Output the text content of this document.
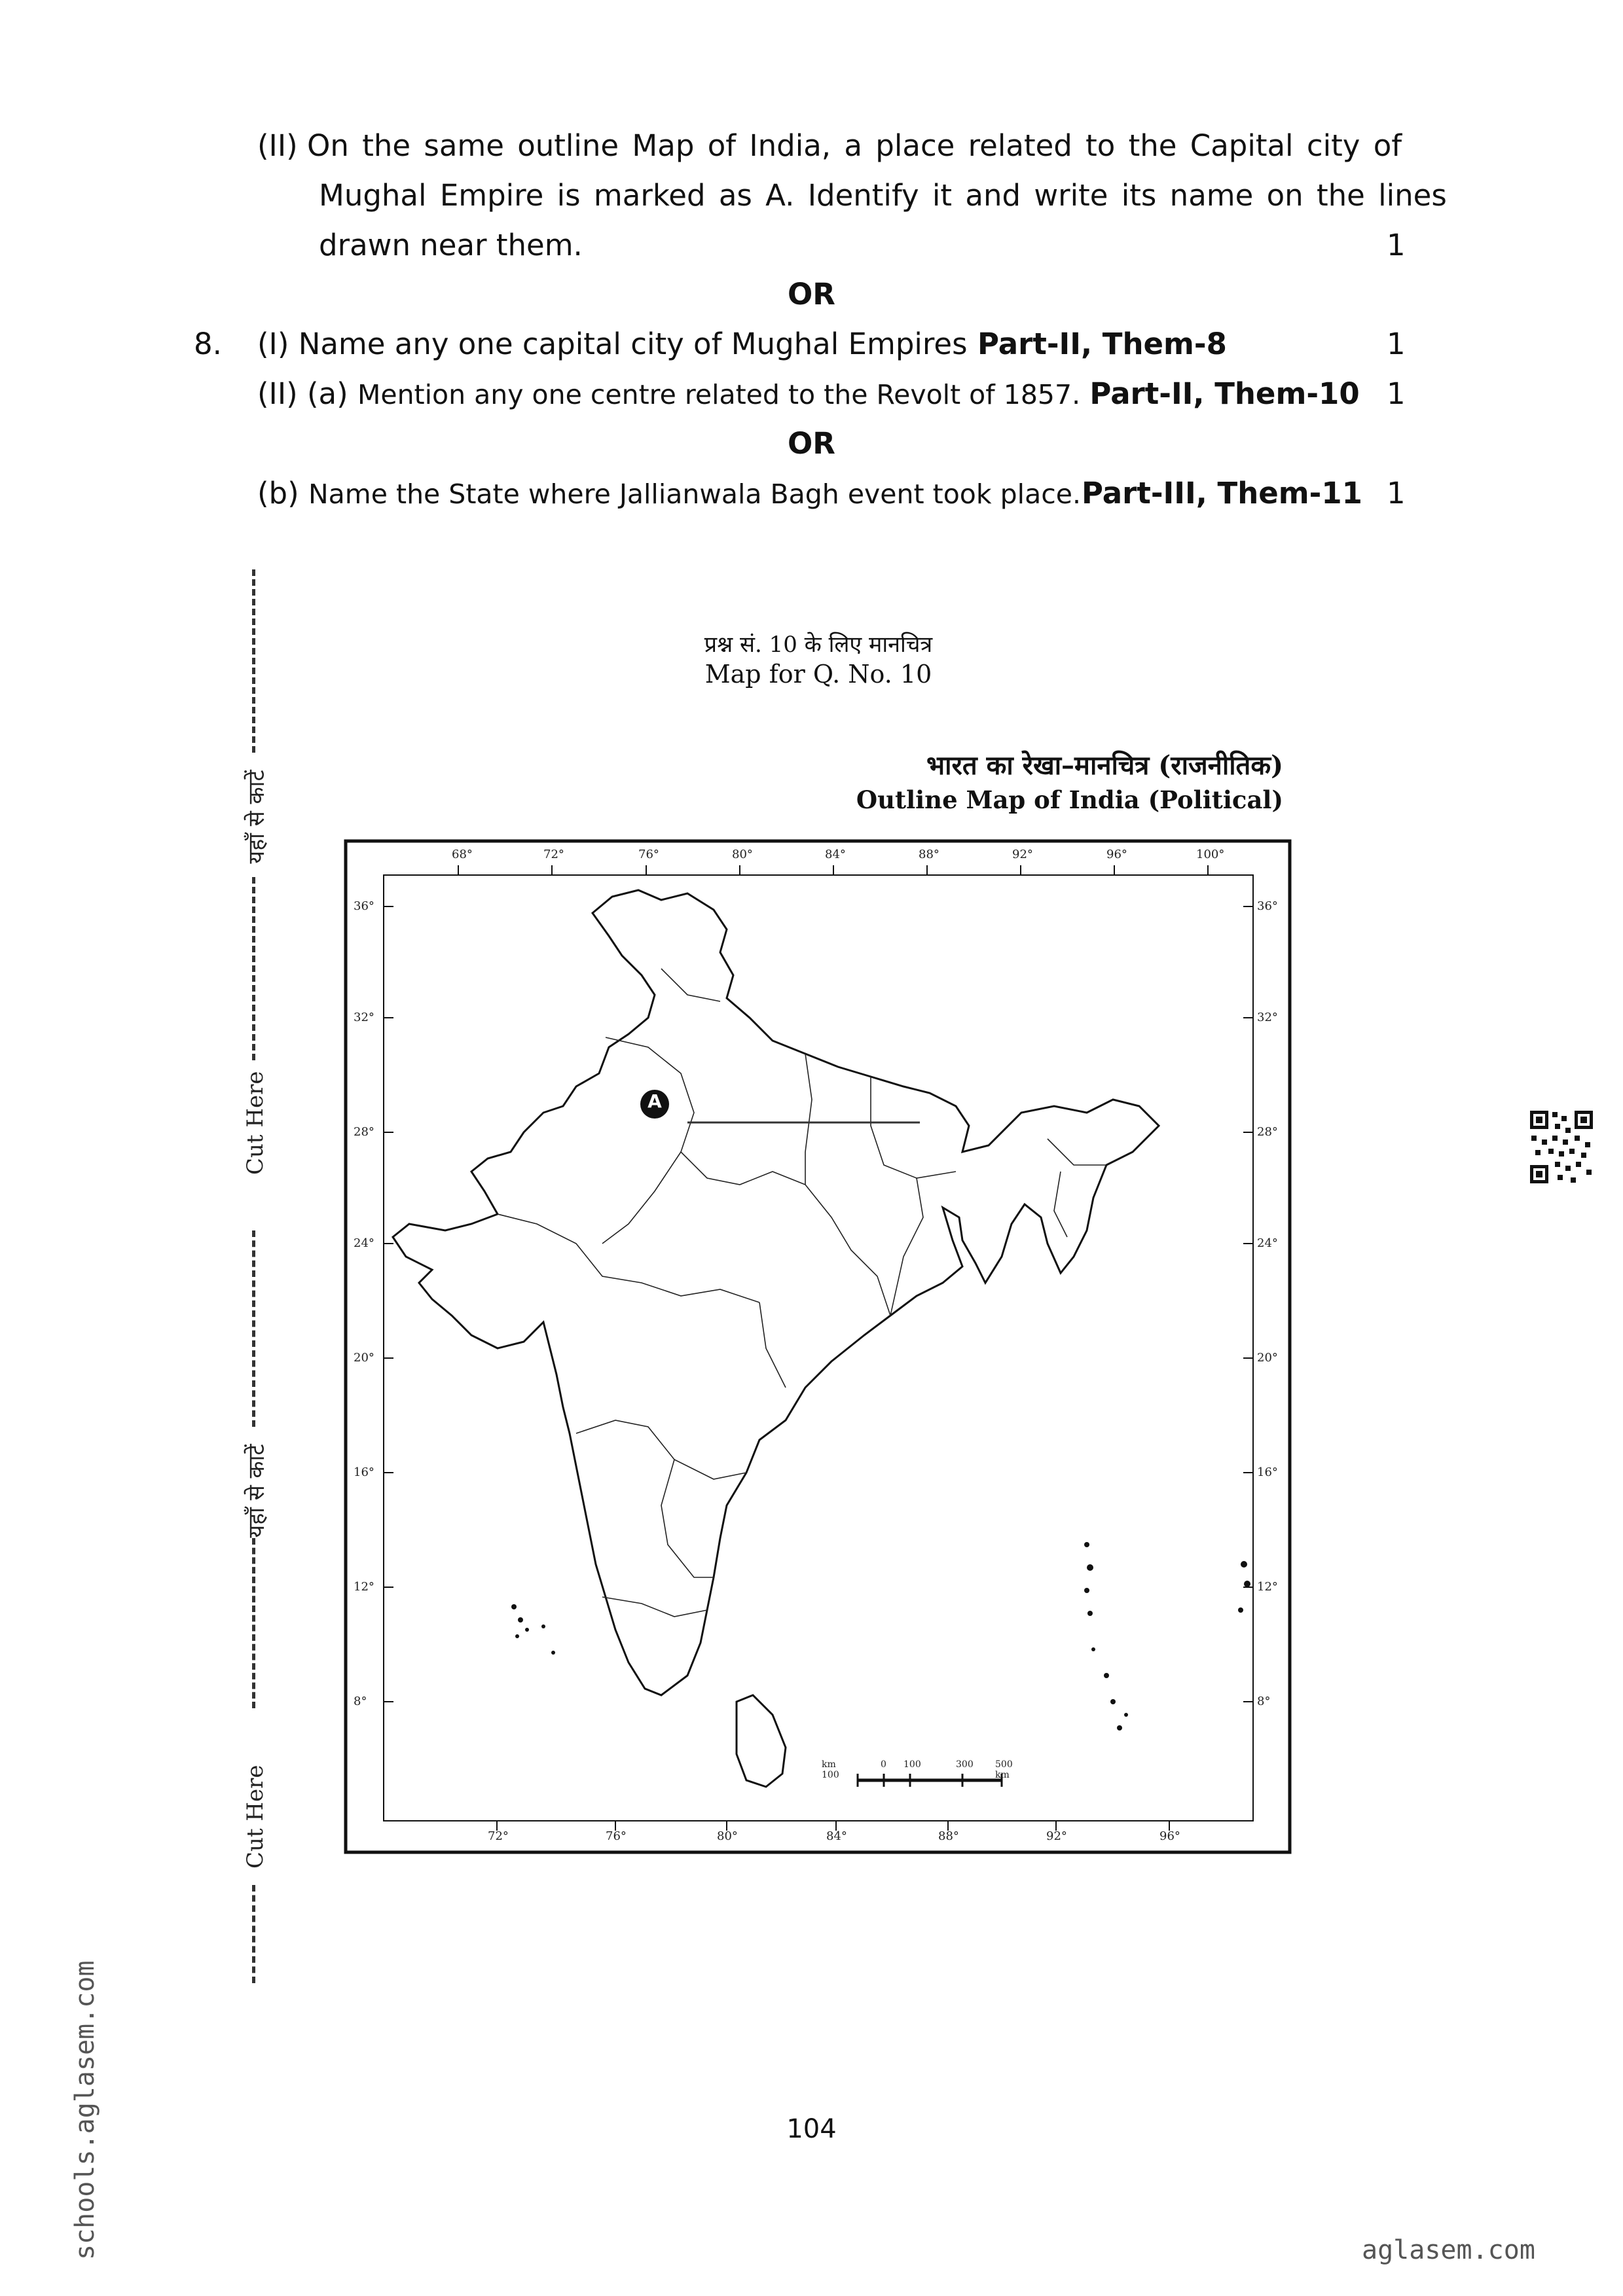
(II) On the same outline Map of India, a place related to the Capital city of
Mughal Empire is marked as A. Identify it and write its name on the lines
drawn near them.	1
OR
8. (I) Name any one capital city of Mughal Empires Part-II, Them-8	1
(II) (a) Mention any one centre related to the Revolt of 1857. Part-II, Them-10 1
OR
(b) Name the State where Jallianwala Bagh event took place. Part-III, Them-11 1
यहाँ से काटें
Cut Here
यहाँ से काटें
Cut Here
प्रश्न सं. 10 के लिए मानचित्र
Map for Q. No. 10
भारत का रेखा–मानचित्र (राजनीतिक)
Outline Map of India (Political)
A
68°	72°	76°	80°	84°	88°	92°	96°	100°
72°	76°	80°	84°	88°	92°	96°
36°
32°
28°
24°
20°
16°
12°
8°
36°
32°
28°
24°
20°
16°
12°
8°
km 100
0 100	300 500 km
104
schools.aglasem.com	aglasem.com
